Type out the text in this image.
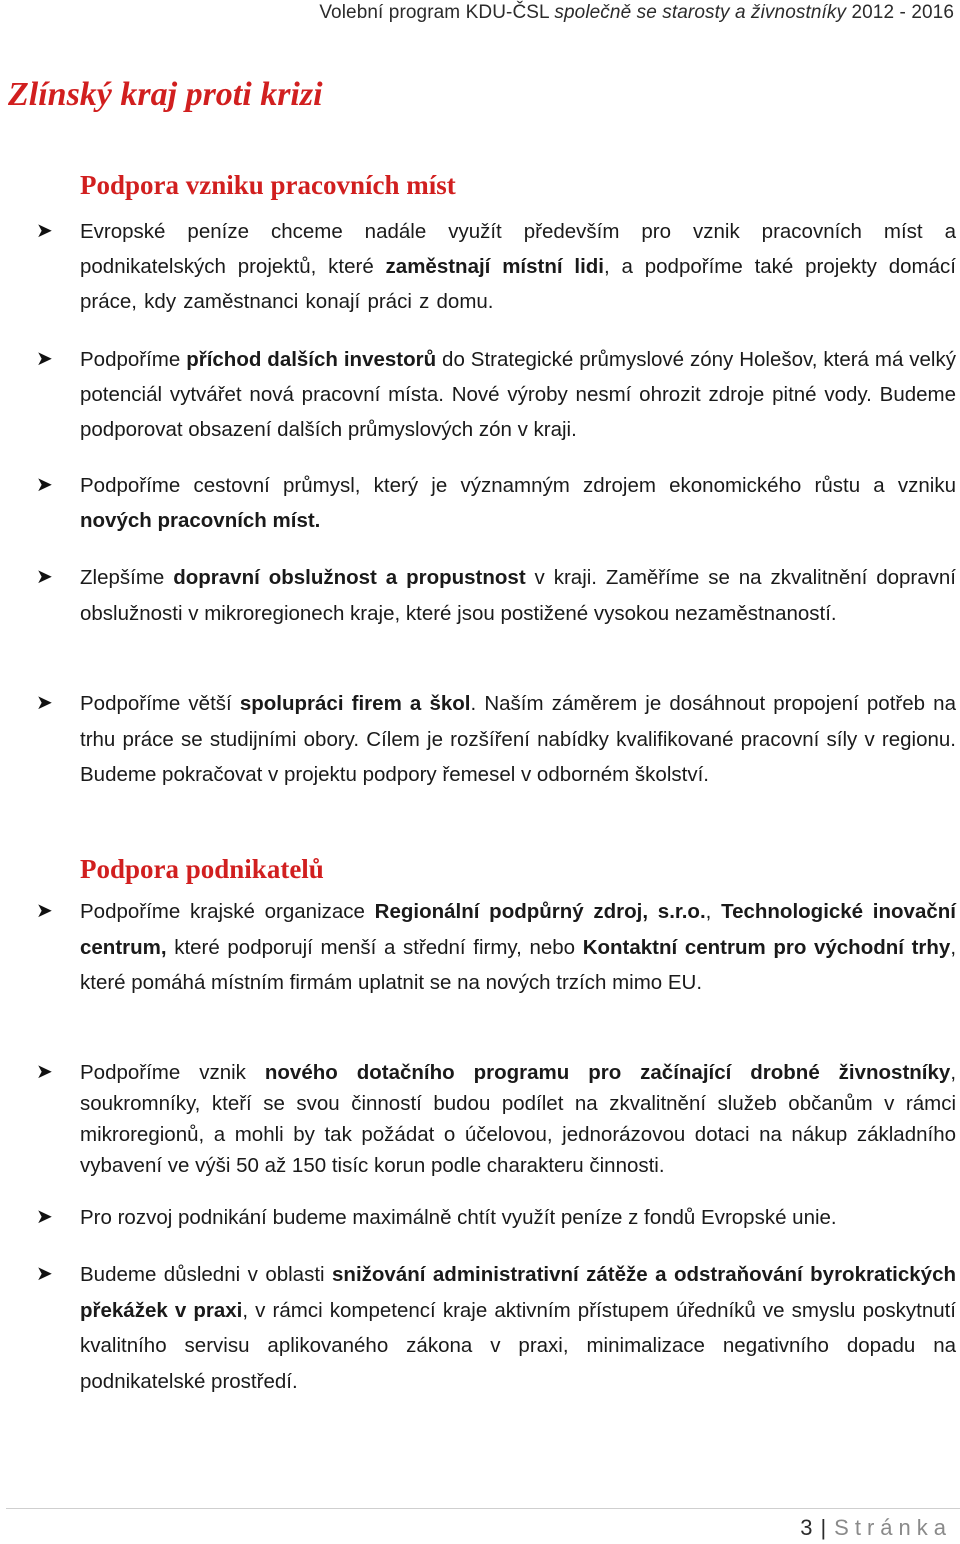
Volební program KDU-ČSL společně se starosty a živnostníky 2012 - 2016
Zlínský kraj proti krizi
Podpora vzniku pracovních míst
➤ Evropské peníze chceme nadále využít především pro vznik pracovních míst a podnikatelských projektů, které zaměstnají místní lidi, a podpoříme také projekty domácí práce, kdy zaměstnanci konají práci z domu.

➤ Podpoříme příchod dalších investorů do Strategické průmyslové zóny Holešov, která má velký potenciál vytvářet nová pracovní místa. Nové výroby nesmí ohrozit zdroje pitné vody. Budeme podporovat obsazení dalších průmyslových zón v kraji.

➤ Podpoříme cestovní průmysl, který je významným zdrojem ekonomického růstu a vzniku nových pracovních míst.

➤ Zlepšíme dopravní obslužnost a propustnost v kraji. Zaměříme se na zkvalitnění dopravní obslužnosti v mikroregionech kraje, které jsou postižené vysokou nezaměstnaností.

➤ Podpoříme větší spolupráci firem a škol. Naším záměrem je dosáhnout propojení potřeb na trhu práce se studijními obory. Cílem je rozšíření nabídky kvalifikované pracovní síly v regionu. Budeme pokračovat v projektu podpory řemesel v odborném školství.

Podpora podnikatelů
➤ Podpoříme krajské organizace Regionální podpůrný zdroj, s.r.o., Technologické inovační centrum, které podporují menší a střední firmy, nebo Kontaktní centrum pro východní trhy, které pomáhá místním firmám uplatnit se na nových trzích mimo EU.

➤ Podpoříme vznik nového dotačního programu pro začínající drobné živnostníky, soukromníky, kteří se svou činností budou podílet na zkvalitnění služeb občanům v rámci mikroregionů, a mohli by tak požádat o účelovou, jednorázovou dotaci na nákup základního vybavení ve výši 50 až 150 tisíc korun podle charakteru činnosti.

➤ Pro rozvoj podnikání budeme maximálně chtít využít peníze z fondů Evropské unie.

➤ Budeme důsledni v oblasti snižování administrativní zátěže a odstraňování byrokratických překážek v praxi, v rámci kompetencí kraje aktivním přístupem úředníků ve smyslu poskytnutí kvalitního servisu aplikovaného zákona v praxi, minimalizace negativního dopadu na podnikatelské prostředí.

3 | Stránka
